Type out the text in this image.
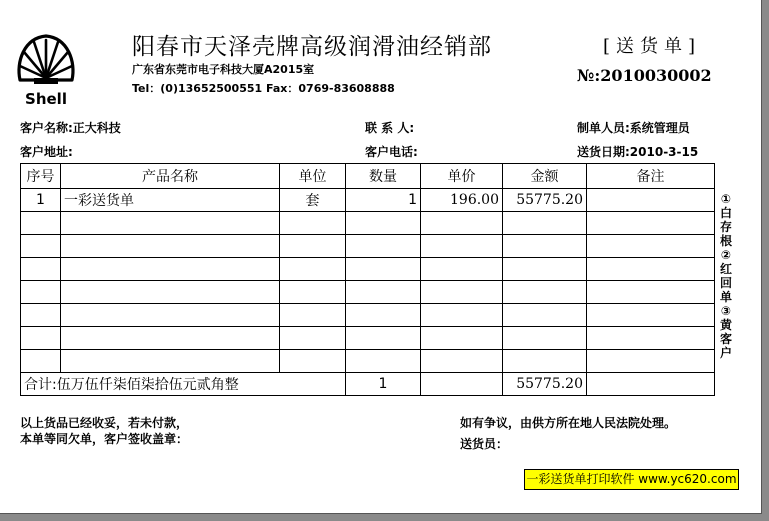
Shell
阳春市天泽壳牌高级润滑油经销部	[送货单]
广东省东莞市电子科技大厦A2015室
Tel：(0)13652500551 Fax：0769-83608888
№:2010030002
客户名称:正大科技	联 系 人:	制单人员:系统管理员
客户地址:	客户电话:	送货日期:2010-3-15
序号	产品名称	单位	数量	单价	金额	备注
1	一彩送货单	套	1	196.00	55775.20	

合计:伍万伍仟柒佰柒拾伍元贰角整			1		55775.20	
①
白
存
根
②
红
回
单
③
黄
客
户
以上货品已经收妥，若未付款，
本单等同欠单，客户签收盖章：
如有争议，由供方所在地人民法院处理。
送货员：
一彩送货单打印软件 www.yc620.com
